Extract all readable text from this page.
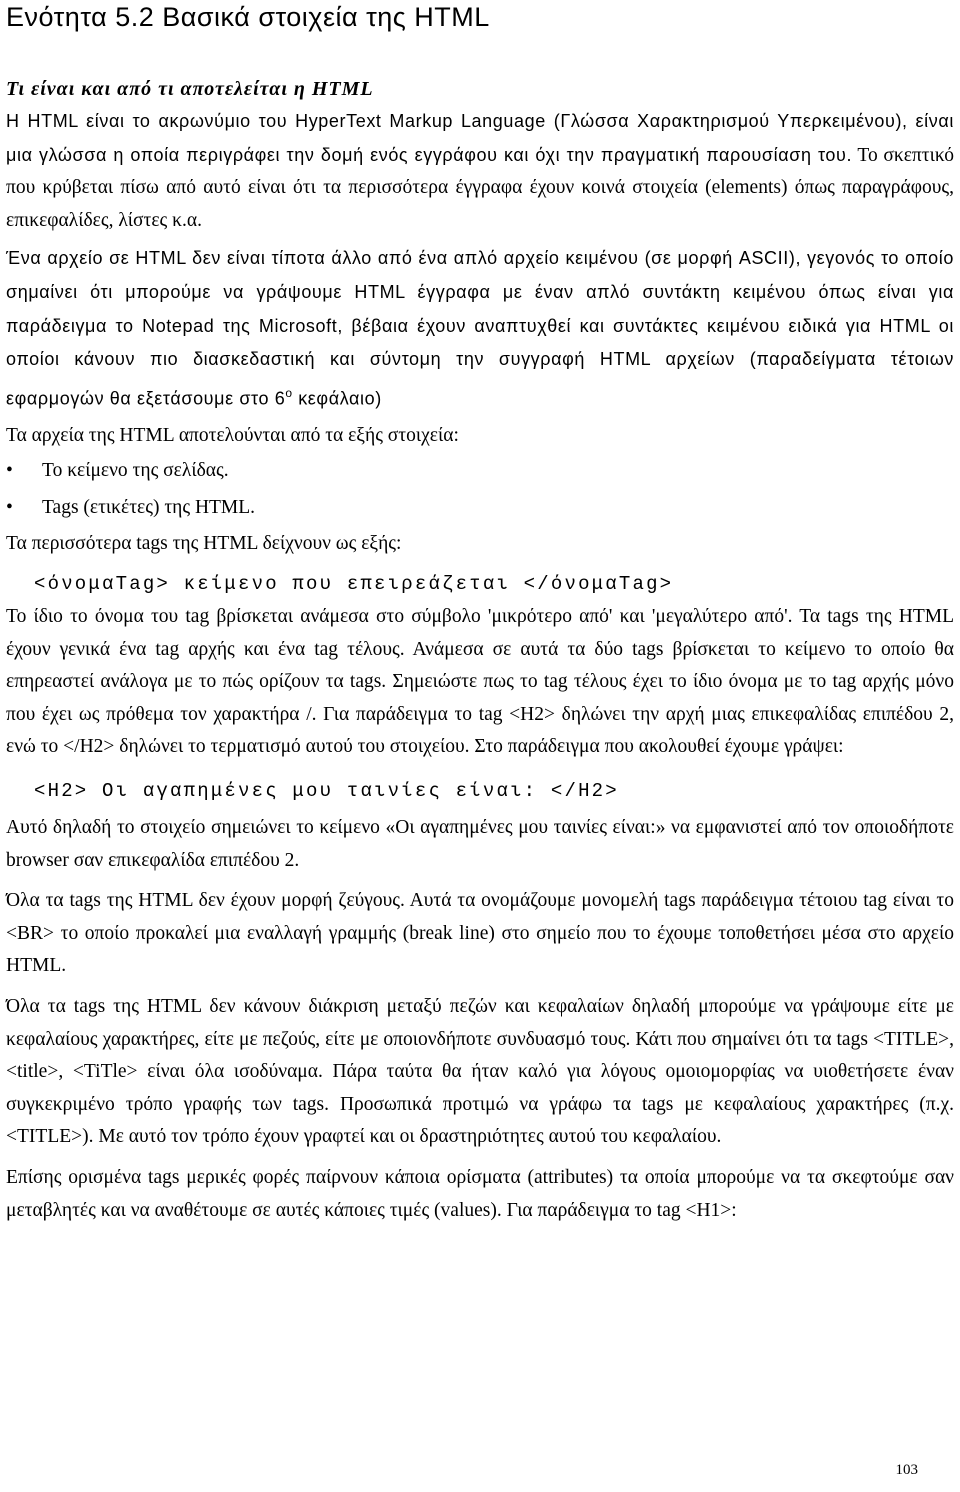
Ενότητα 5.2 Βασικά στοιχεία της HTML
Τι είναι και από τι αποτελείται η HTML

Η HTML είναι το ακρωνύμιο του HyperText Markup Language (Γλώσσα Χαρακτηρισμού Υπερκειμένου), είναι μια γλώσσα η οποία περιγράφει την δομή ενός εγγράφου και όχι την πραγματική παρουσίαση του. Το σκεπτικό που κρύβεται πίσω από αυτό είναι ότι τα περισσότερα έγγραφα έχουν κοινά στοιχεία (elements) όπως παραγράφους, επικεφαλίδες, λίστες κ.α.

Ένα αρχείο σε HTML δεν είναι τίποτα άλλο από ένα απλό αρχείο κειμένου (σε μορφή ASCII), γεγονός το οποίο σημαίνει ότι μπορούμε να γράψουμε HTML έγγραφα με έναν απλό συντάκτη κειμένου όπως είναι για παράδειγμα το Notepad της Microsoft, βέβαια έχουν αναπτυχθεί και συντάκτες κειμένου ειδικά για HTML οι οποίοι κάνουν πιο διασκεδαστική και σύντομη την συγγραφή HTML αρχείων (παραδείγματα τέτοιων εφαρμογών θα εξετάσουμε στο $6^o$ κεφάλαιο)

Τα αρχεία της HTML αποτελούνται από τα εξής στοιχεία:

• Το κείμενο της σελίδας.
• Tags (ετικέτες) της HTML.

Τα περισσότερα tags της HTML δείχνουν ως εξής:

<όνομαTag> κείμενο που επειρεάζεται </όνομαTag>

Το ίδιο το όνομα του tag βρίσκεται ανάμεσα στο σύμβολο 'μικρότερο από' και 'μεγαλύτερο από'. Τα tags της HTML έχουν γενικά ένα tag αρχής και ένα tag τέλους. Ανάμεσα σε αυτά τα δύο tags βρίσκεται το κείμενο το οποίο θα επηρεαστεί ανάλογα με το πώς ορίζουν τα tags. Σημειώστε πως το tag τέλους έχει το ίδιο όνομα με το tag αρχής μόνο που έχει ως πρόθεμα τον χαρακτήρα /. Για παράδειγμα το tag <H2> δηλώνει την αρχή μιας επικεφαλίδας επιπέδου 2, ενώ το </H2> δηλώνει το τερματισμό αυτού του στοιχείου. Στο παράδειγμα που ακολουθεί έχουμε γράψει:

<H2> Οι αγαπημένες μου ταινίες είναι: </H2>

Αυτό δηλαδή το στοιχείο σημειώνει το κείμενο «Οι αγαπημένες μου ταινίες είναι:» να εμφανιστεί από τον οποιοδήποτε browser σαν επικεφαλίδα επιπέδου 2.

Όλα τα tags της HTML δεν έχουν μορφή ζεύγους. Αυτά τα ονομάζουμε μονομελή tags παράδειγμα τέτοιου tag είναι το <BR> το οποίο προκαλεί μια εναλλαγή γραμμής (break line) στο σημείο που το έχουμε τοποθετήσει μέσα στο αρχείο HTML.

Όλα τα tags της HTML δεν κάνουν διάκριση μεταξύ πεζών και κεφαλαίων δηλαδή μπορούμε να γράψουμε είτε με κεφαλαίους χαρακτήρες, είτε με πεζούς, είτε με οποιονδήποτε συνδυασμό τους. Κάτι που σημαίνει ότι τα tags <TITLE>, <title>, <TiTle> είναι όλα ισοδύναμα. Πάρα ταύτα θα ήταν καλό για λόγους ομοιομορφίας να υιοθετήσετε έναν συγκεκριμένο τρόπο γραφής των tags. Προσωπικά προτιμώ να γράφω τα tags με κεφαλαίους χαρακτήρες (π.χ. <TITLE>). Με αυτό τον τρόπο έχουν γραφτεί και οι δραστηριότητες αυτού του κεφαλαίου.

Επίσης ορισμένα tags μερικές φορές παίρνουν κάποια ορίσματα (attributes) τα οποία μπορούμε να τα σκεφτούμε σαν μεταβλητές και να αναθέτουμε σε αυτές κάποιες τιμές (values). Για παράδειγμα το tag <H1>:

103
